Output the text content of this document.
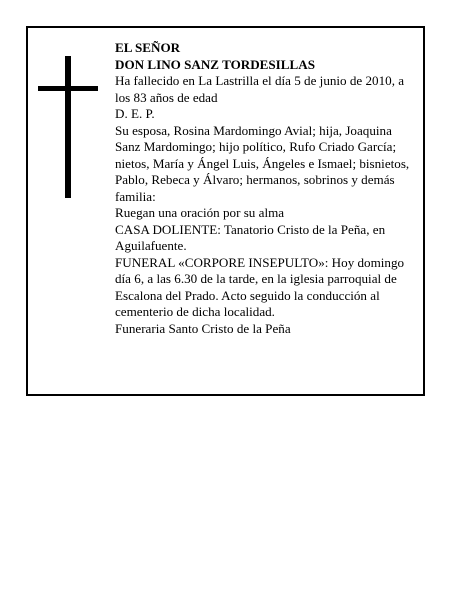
EL SEÑOR
DON LINO SANZ TORDESILLAS
Ha fallecido en La Lastrilla el día 5 de junio de 2010, a los 83 años de edad
D. E. P.
Su esposa, Rosina Mardomingo Avial; hija, Joaquina Sanz Mardomingo; hijo político, Rufo Criado García; nietos, María y Ángel Luis, Ángeles e Ismael; bisnietos, Pablo, Rebeca y Álvaro; hermanos, sobrinos y demás familia:
Ruegan una oración por su alma
CASA DOLIENTE: Tanatorio Cristo de la Peña, en Aguilafuente.
FUNERAL «CORPORE INSEPULTO»: Hoy domingo día 6, a las 6.30 de la tarde, en la iglesia parroquial de Escalona del Prado. Acto seguido la conducción al cementerio de dicha localidad.
Funeraria Santo Cristo de la Peña
